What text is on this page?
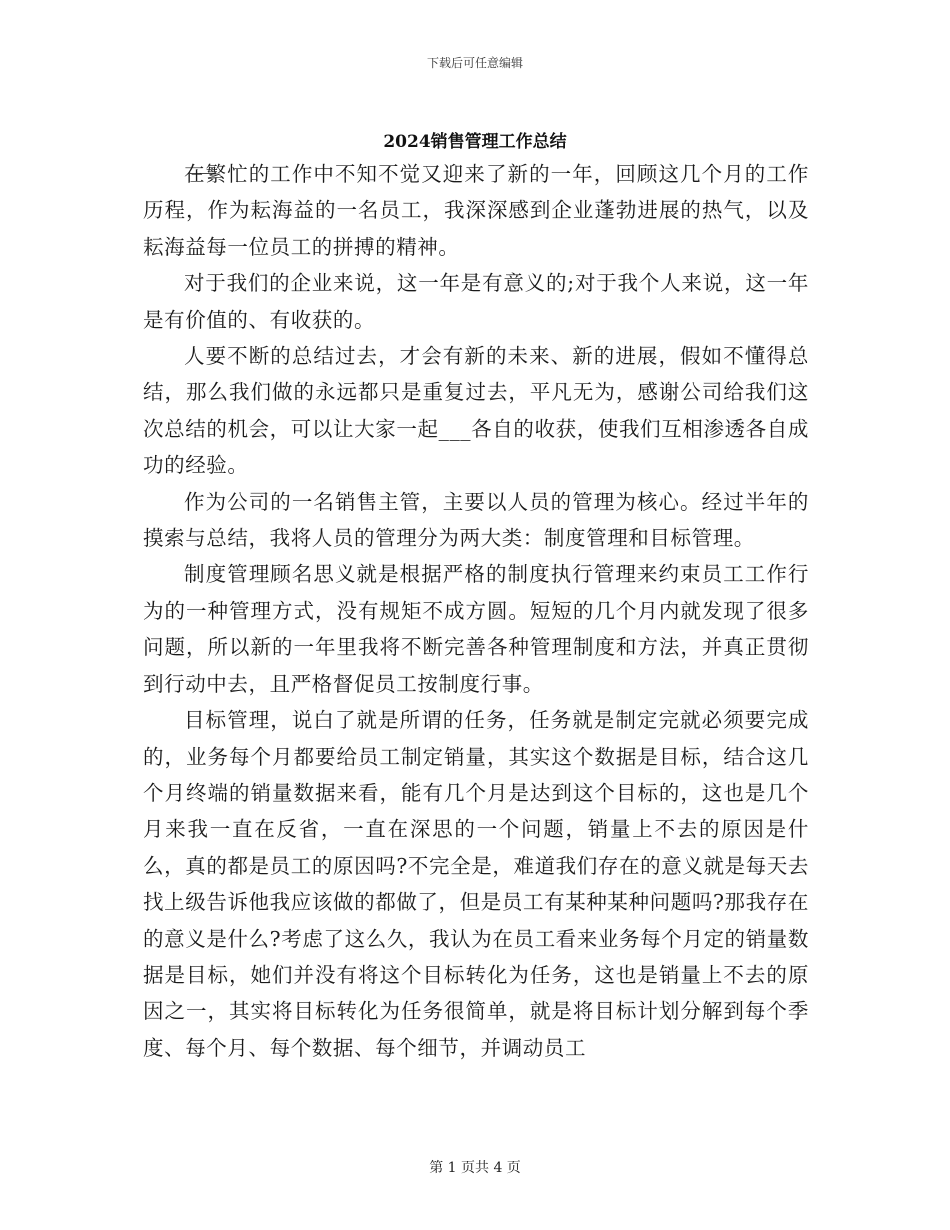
下载后可任意编辑
2024销售管理工作总结

在繁忙的工作中不知不觉又迎来了新的一年，回顾这几个月的工作历程，作为耘海益的一名员工，我深深感到企业蓬勃进展的热气，以及耘海益每一位员工的拼搏的精神。

对于我们的企业来说，这一年是有意义的;对于我个人来说，这一年是有价值的、有收获的。

人要不断的总结过去，才会有新的未来、新的进展，假如不懂得总结，那么我们做的永远都只是重复过去，平凡无为，感谢公司给我们这次总结的机会，可以让大家一起___各自的收获，使我们互相渗透各自成功的经验。

作为公司的一名销售主管，主要以人员的管理为核心。经过半年的摸索与总结，我将人员的管理分为两大类：制度管理和目标管理。

制度管理顾名思义就是根据严格的制度执行管理来约束员工工作行为的一种管理方式，没有规矩不成方圆。短短的几个月内就发现了很多问题，所以新的一年里我将不断完善各种管理制度和方法，并真正贯彻到行动中去，且严格督促员工按制度行事。

目标管理，说白了就是所谓的任务，任务就是制定完就必须要完成的，业务每个月都要给员工制定销量，其实这个数据是目标，结合这几个月终端的销量数据来看，能有几个月是达到这个目标的，这也是几个月来我一直在反省，一直在深思的一个问题，销量上不去的原因是什么，真的都是员工的原因吗?不完全是，难道我们存在的意义就是每天去找上级告诉他我应该做的都做了，但是员工有某种某种问题吗?那我存在的意义是什么?考虑了这么久，我认为在员工看来业务每个月定的销量数据是目标，她们并没有将这个目标转化为任务，这也是销量上不去的原因之一，其实将目标转化为任务很简单，就是将目标计划分解到每个季度、每个月、每个数据、每个细节，并调动员工

第 1 页共 4 页
